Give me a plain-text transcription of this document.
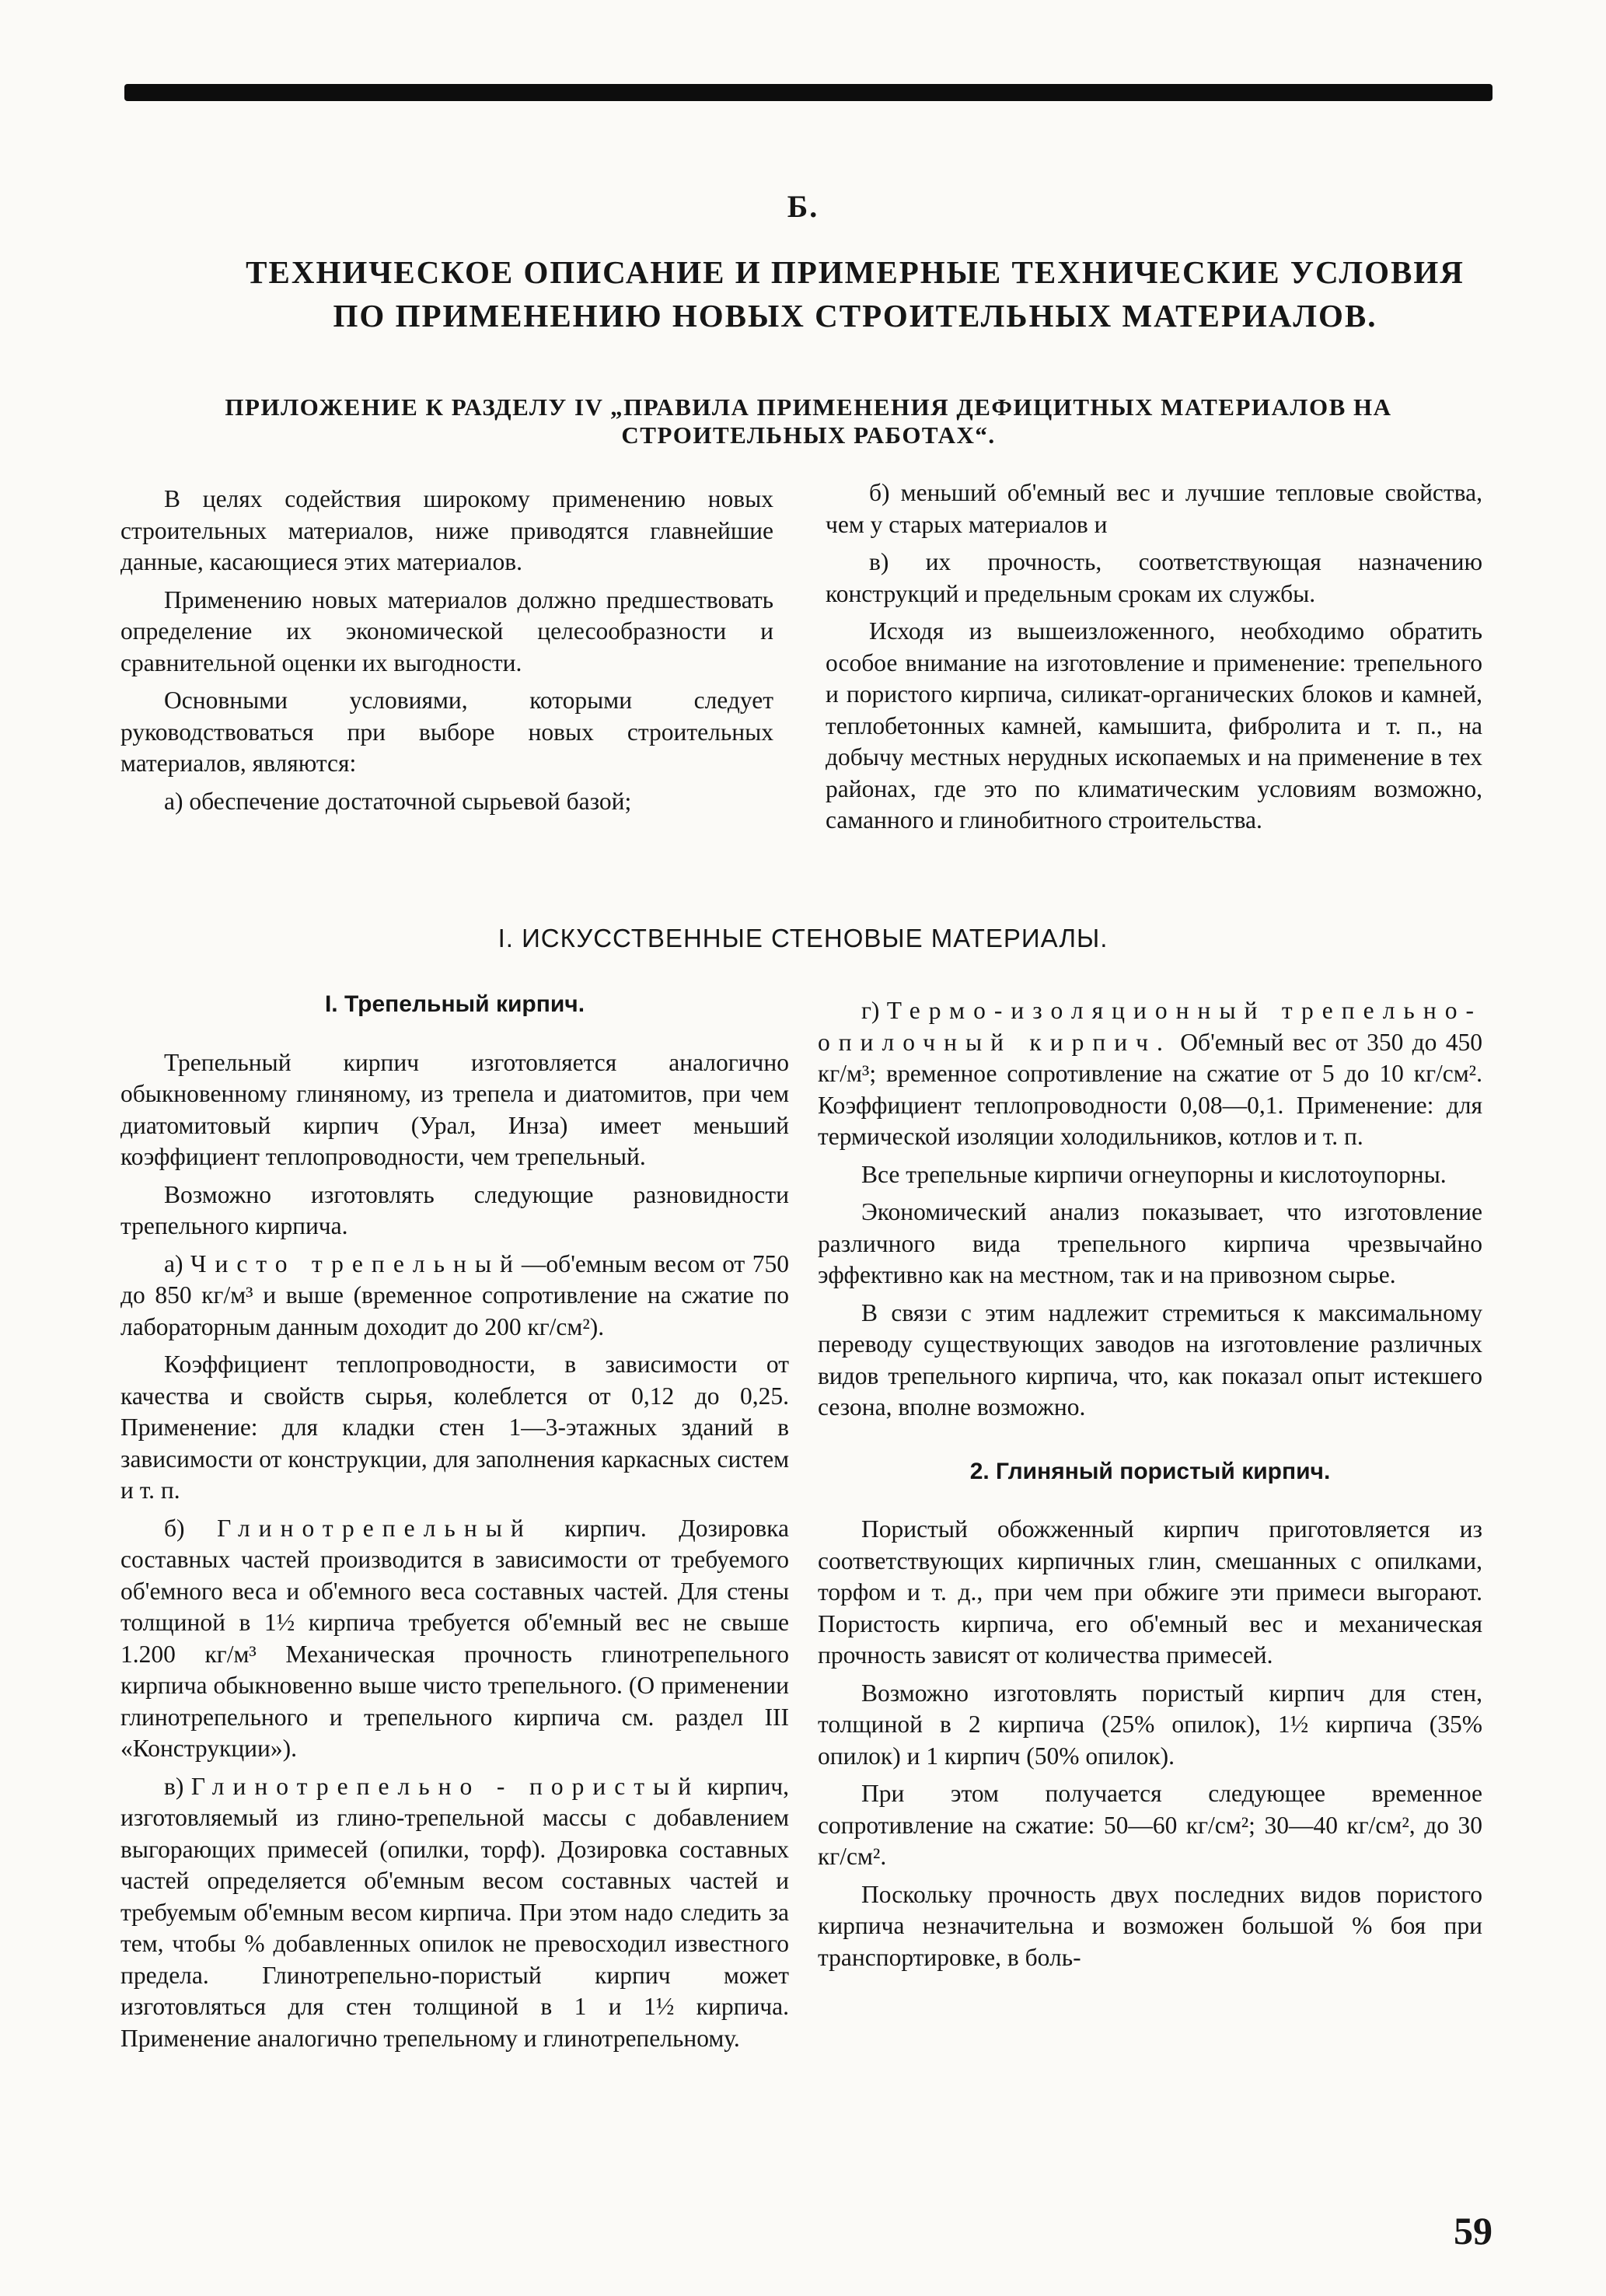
Б.
ТЕХНИЧЕСКОЕ ОПИСАНИЕ И ПРИМЕРНЫЕ ТЕХНИЧЕСКИЕ УСЛОВИЯ ПО ПРИМЕНЕНИЮ НОВЫХ СТРОИТЕЛЬНЫХ МАТЕРИАЛОВ.
ПРИЛОЖЕНИЕ К РАЗДЕЛУ IV „ПРАВИЛА ПРИМЕНЕНИЯ ДЕФИЦИТНЫХ МАТЕРИАЛОВ НА СТРОИТЕЛЬНЫХ РАБОТАХ“.

В целях содействия широкому применению новых строительных материалов, ниже приводятся главнейшие данные, касающиеся этих материалов.

Применению новых материалов должно предшествовать определение их экономической целесообразности и сравнительной оценки их выгодности.

Основными условиями, которыми следует руководствоваться при выборе новых строительных материалов, являются:

а) обеспечение достаточной сырьевой базой;

б) меньший об'емный вес и лучшие тепловые свойства, чем у старых материалов и

в) их прочность, соответствующая назначению конструкций и предельным срокам их службы.

Исходя из вышеизложенного, необходимо обратить особое внимание на изготовление и применение: трепельного и пористого кирпича, силикат-органических блоков и камней, теплобетонных камней, камышита, фибролита и т. п., на добычу местных нерудных ископаемых и на применение в тех районах, где это по климатическим условиям возможно, саманного и глинобитного строительства.

I. ИСКУССТВЕННЫЕ СТЕНОВЫЕ МАТЕРИАЛЫ.

I. Трепельный кирпич.

Трепельный кирпич изготовляется аналогично обыкновенному глиняному, из трепела и диатомитов, при чем диатомитовый кирпич (Урал, Инза) имеет меньший коэффициент теплопроводности, чем трепельный.

Возможно изготовлять следующие разновидности трепельного кирпича.

а) Чисто трепельный—об'емным весом от 750 до 850 кг/м³ и выше (временное сопротивление на сжатие по лабораторным данным доходит до 200 кг/см²).

Коэффициент теплопроводности, в зависимости от качества и свойств сырья, колеблется от 0,12 до 0,25. Применение: для кладки стен 1—3-этажных зданий в зависимости от конструкции, для заполнения каркасных систем и т. п.

б) Глинотрепельный кирпич. Дозировка составных частей производится в зависимости от требуемого об'емного веса и об'емного веса составных частей. Для стены толщиной в 1½ кирпича требуется об'емный вес не свыше 1.200 кг/м³ Механическая прочность глинотрепельного кирпича обыкновенно выше чисто трепельного. (О применении глинотрепельного и трепельного кирпича см. раздел III «Конструкции»).

в) Глинотрепельно - пористый кирпич, изготовляемый из глино-трепельной массы с добавлением выгорающих примесей (опилки, торф). Дозировка составных частей определяется об'емным весом составных частей и требуемым об'емным весом кирпича. При этом надо следить за тем, чтобы % добавленных опилок не превосходил известного предела. Глинотрепельно-пористый кирпич может изготовляться для стен толщиной в 1 и 1½ кирпича. Применение аналогично трепельному и глинотрепельному.

г) Термо-изоляционный трепельно-опилочный кирпич. Об'емный вес от 350 до 450 кг/м³; временное сопротивление на сжатие от 5 до 10 кг/см². Коэффициент теплопроводности 0,08—0,1. Применение: для термической изоляции холодильников, котлов и т. п.

Все трепельные кирпичи огнеупорны и кислотоупорны.

Экономический анализ показывает, что изготовление различного вида трепельного кирпича чрезвычайно эффективно как на местном, так и на привозном сырье.

В связи с этим надлежит стремиться к максимальному переводу существующих заводов на изготовление различных видов трепельного кирпича, что, как показал опыт истекшего сезона, вполне возможно.

2. Глиняный пористый кирпич.

Пористый обожженный кирпич приготовляется из соответствующих кирпичных глин, смешанных с опилками, торфом и т. д., при чем при обжиге эти примеси выгорают. Пористость кирпича, его об'емный вес и механическая прочность зависят от количества примесей.

Возможно изготовлять пористый кирпич для стен, толщиной в 2 кирпича (25% опилок), 1½ кирпича (35% опилок) и 1 кирпич (50% опилок).

При этом получается следующее временное сопротивление на сжатие: 50—60 кг/см²; 30—40 кг/см², до 30 кг/см².

Поскольку прочность двух последних видов пористого кирпича незначительна и возможен большой % боя при транспортировке, в боль-

59
